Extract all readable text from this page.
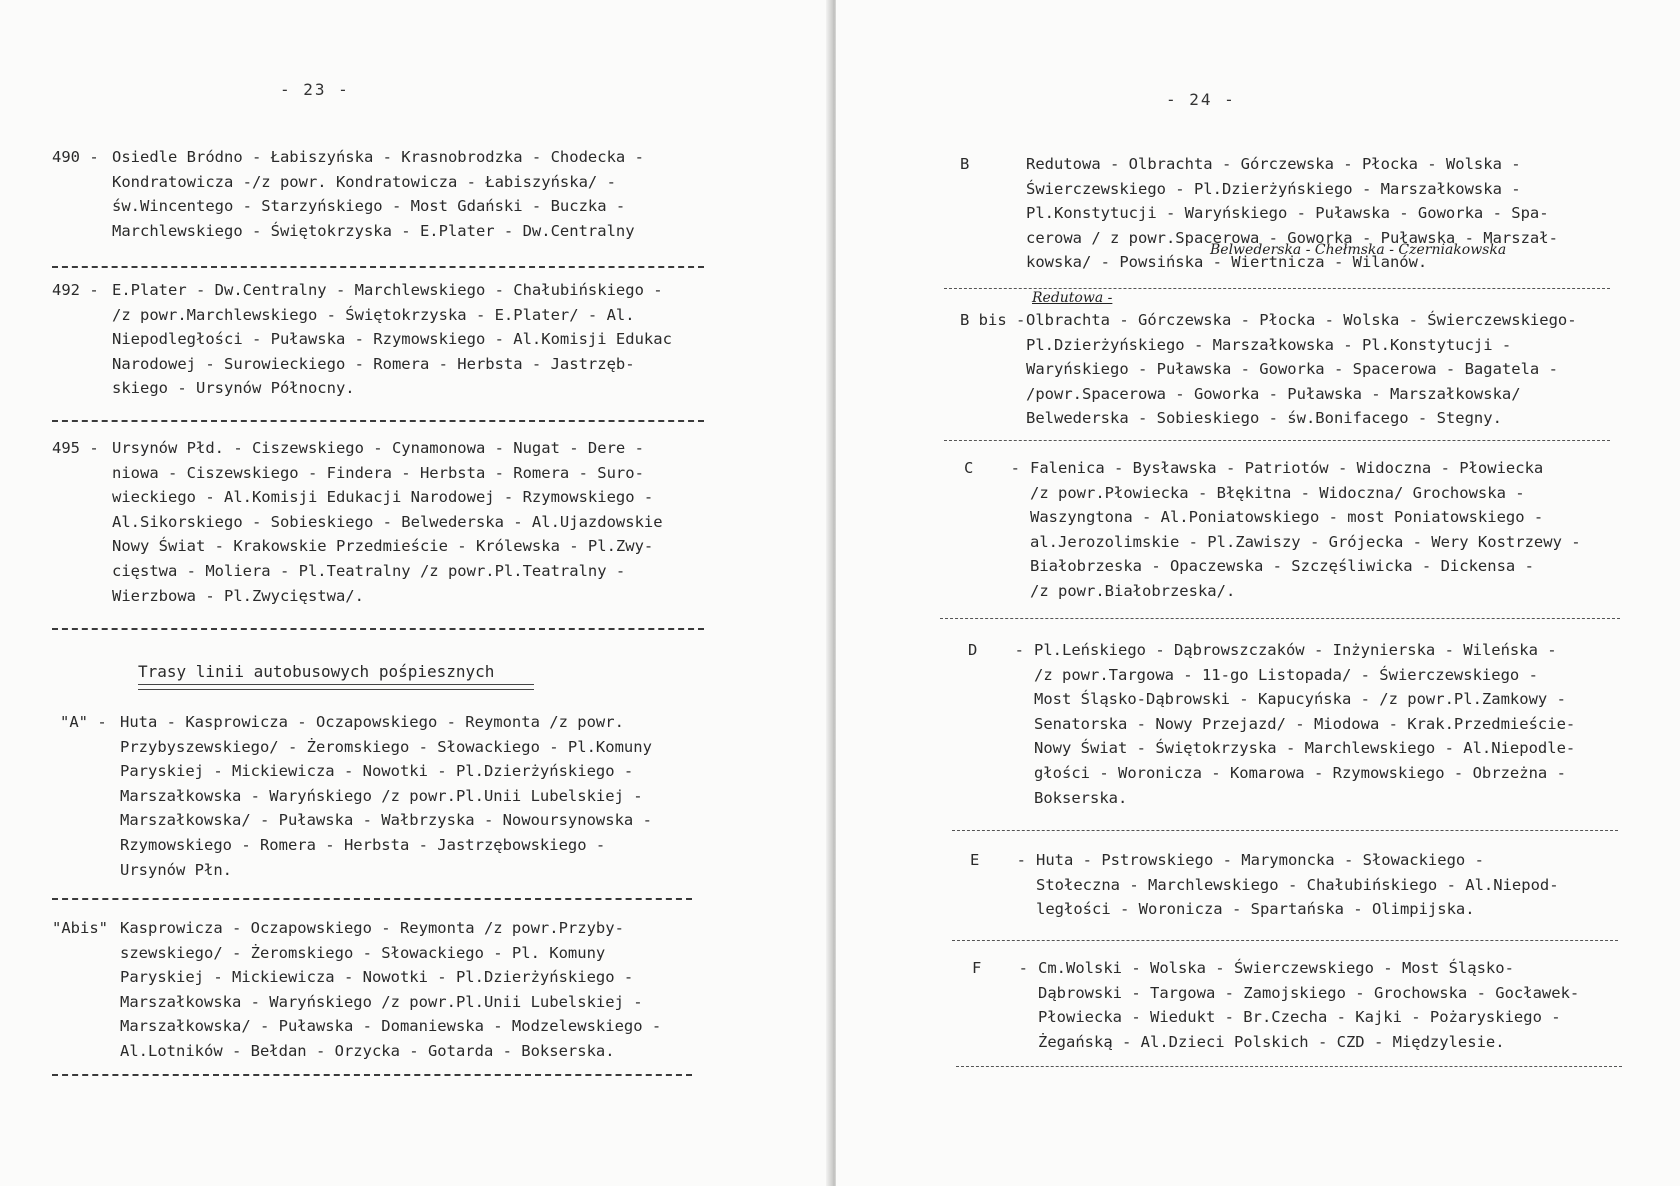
- 23 -
490 - Osiedle Bródno - Łabiszyńska - Krasnobrodzka - Chodecka -
Kondratowicza -/z powr. Kondratowicza - Łabiszyńska/ -
św.Wincentego - Starzyńskiego - Most Gdański - Buczka -
Marchlewskiego - Świętokrzyska - E.Plater - Dw.Centralny
492 - E.Plater - Dw.Centralny - Marchlewskiego - Chałubińskiego -
/z powr.Marchlewskiego - Świętokrzyska - E.Plater/ - Al.
Niepodległości - Puławska - Rzymowskiego - Al.Komisji Edukac
Narodowej - Surowieckiego - Romera - Herbsta - Jastrzęb-
skiego - Ursynów Północny.
495 - Ursynów Płd. - Ciszewskiego - Cynamonowa - Nugat - Dere -
niowa - Ciszewskiego - Findera - Herbsta - Romera - Suro-
wieckiego - Al.Komisji Edukacji Narodowej - Rzymowskiego -
Al.Sikorskiego - Sobieskiego - Belwederska - Al.Ujazdowskie
Nowy Świat - Krakowskie Przedmieście - Królewska - Pl.Zwy-
cięstwa - Moliera - Pl.Teatralny /z powr.Pl.Teatralny -
Wierzbowa - Pl.Zwycięstwa/.
Trasy linii autobusowych pośpiesznych
"A" - Huta - Kasprowicza - Oczapowskiego - Reymonta /z powr.
Przybyszewskiego/ - Żeromskiego - Słowackiego - Pl.Komuny
Paryskiej - Mickiewicza - Nowotki - Pl.Dzierżyńskiego -
Marszałkowska - Waryńskiego /z powr.Pl.Unii Lubelskiej -
Marszałkowska/ - Puławska - Wałbrzyska - Nowoursynowska -
Rzymowskiego - Romera - Herbsta - Jastrzębowskiego -
Ursynów Płn.
"Abis" Kasprowicza - Oczapowskiego - Reymonta /z powr.Przyby-
szewskiego/ - Żeromskiego - Słowackiego - Pl. Komuny
Paryskiej - Mickiewicza - Nowotki - Pl.Dzierżyńskiego -
Marszałkowska - Waryńskiego /z powr.Pl.Unii Lubelskiej -
Marszałkowska/ - Puławska - Domaniewska - Modzelewskiego -
Al.Lotników - Bełdan - Orzycka - Gotarda - Bokserska.
- 24 -
B	Redutowa - Olbrachta - Górczewska - Płocka - Wolska -
Świerczewskiego - Pl.Dzierżyńskiego - Marszałkowska -
Pl.Konstytucji - Waryńskiego - Puławska - Goworka - Spa-
cerowa / z powr.Spacerowa - Goworka - Puławska - Marszał-
kowska/ - Powsińska - Wiertnicza - Wilanów.
Belwederska - Chełmska - Czerniakowska
Redutowa -
B bis - Olbrachta - Górczewska - Płocka - Wolska - Świerczewskiego-
Pl.Dzierżyńskiego - Marszałkowska - Pl.Konstytucji -
Waryńskiego - Puławska - Goworka - Spacerowa - Bagatela -
/powr.Spacerowa - Goworka - Puławska - Marszałkowska/
Belwederska - Sobieskiego - św.Bonifacego - Stegny.
C    - Falenica - Bysławska - Patriotów - Widoczna - Płowiecka
/z powr.Płowiecka - Błękitna - Widoczna/ Grochowska -
Waszyngtona - Al.Poniatowskiego - most Poniatowskiego -
al.Jerozolimskie - Pl.Zawiszy - Grójecka - Wery Kostrzewy -
Białobrzeska - Opaczewska - Szczęśliwicka - Dickensa -
/z powr.Białobrzeska/.
D    - Pl.Leńskiego - Dąbrowszczaków - Inżynierska - Wileńska -
/z powr.Targowa - 11-go Listopada/ - Świerczewskiego -
Most Śląsko-Dąbrowski - Kapucyńska - /z powr.Pl.Zamkowy -
Senatorska - Nowy Przejazd/ - Miodowa - Krak.Przedmieście-
Nowy Świat - Świętokrzyska - Marchlewskiego - Al.Niepodle-
głości - Woronicza - Komarowa - Rzymowskiego - Obrzeżna -
Bokserska.
E    - Huta - Pstrowskiego - Marymoncka - Słowackiego -
Stołeczna - Marchlewskiego - Chałubińskiego - Al.Niepod-
ległości - Woronicza - Spartańska - Olimpijska.
F    - Cm.Wolski - Wolska - Świerczewskiego - Most Śląsko-
Dąbrowski - Targowa - Zamojskiego - Grochowska - Gocławek-
Płowiecka - Wiedukt - Br.Czecha - Kajki - Pożaryskiego -
Żegańską - Al.Dzieci Polskich - CZD - Międzylesie.
